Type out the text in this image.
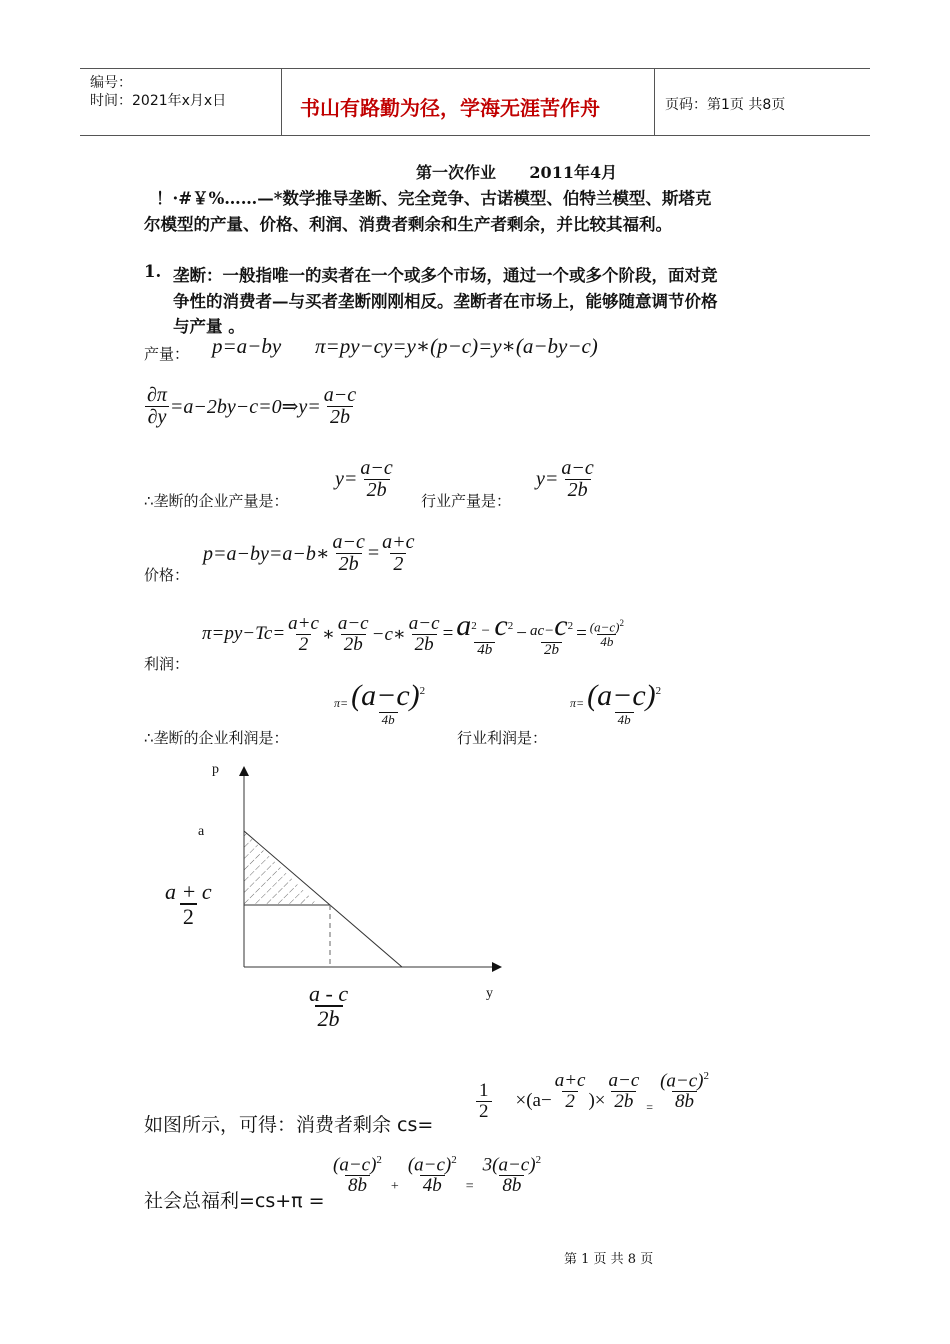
编号：
时间：2021年x月x日	书山有路勤为径，学海无涯苦作舟	页码：第1页 共8页
第一次作业      2011年4月
！·#￥%……—*数学推导垄断、完全竞争、古诺模型、伯特兰模型、斯塔克
尔模型的产量、价格、利润、消费者剩余和生产者剩余，并比较其福利。
1. 垄断：一般指唯一的卖者在一个或多个市场，通过一个或多个阶段，面对竞
争性的消费者—与买者垄断刚刚相反。垄断者在市场上，能够随意调节价格
与产量 。
产量： p=a−by π=py−cy=y∗(p−c)=y∗(a−by−c)
$\frac{\partial\pi}{\partial y}$ =a−2by−c=0⇒y= $\frac{a-c}{2b}$
∴垄断的企业产量是：
$y= \frac{a-c}{2b}$ 行业产量是：
$y= \frac{a-c}{2b}$
价格：
p=a−by=a−b∗ $\frac{a-c}{2b} = \frac{a+c}{2}$
利润：
$\pi=py-Tc= \frac{a+c}{2}$ ∗ $\frac{a-c}{2b}$ −c∗ $\frac{a-c}{2b} = \frac{a^2 - c^2}{4b} - \frac{ac-c^2}{2b} = \frac{(a-c)^2}{4b}$
∴垄断的企业利润是：
$\pi= \frac{(a-c)^2}{4b}$
行业利润是：
$\pi= \frac{(a-c)^2}{4b}$
p
a
y
$\frac{a + c}{2}$
$\frac{a - c}{2b}$
如图所示，可得：消费者剩余 cs=
$\frac{1}{2} \times(a- \frac{a+c}{2}$ )× $\frac{a-c}{2b} = \frac{(a-c)^2}{8b}$
社会总福利=cs+π =
$\frac{(a-c)^2}{8b} + \frac{(a-c)^2}{4b} = \frac{3(a-c)^2}{8b}$
第 1 页 共 8 页
